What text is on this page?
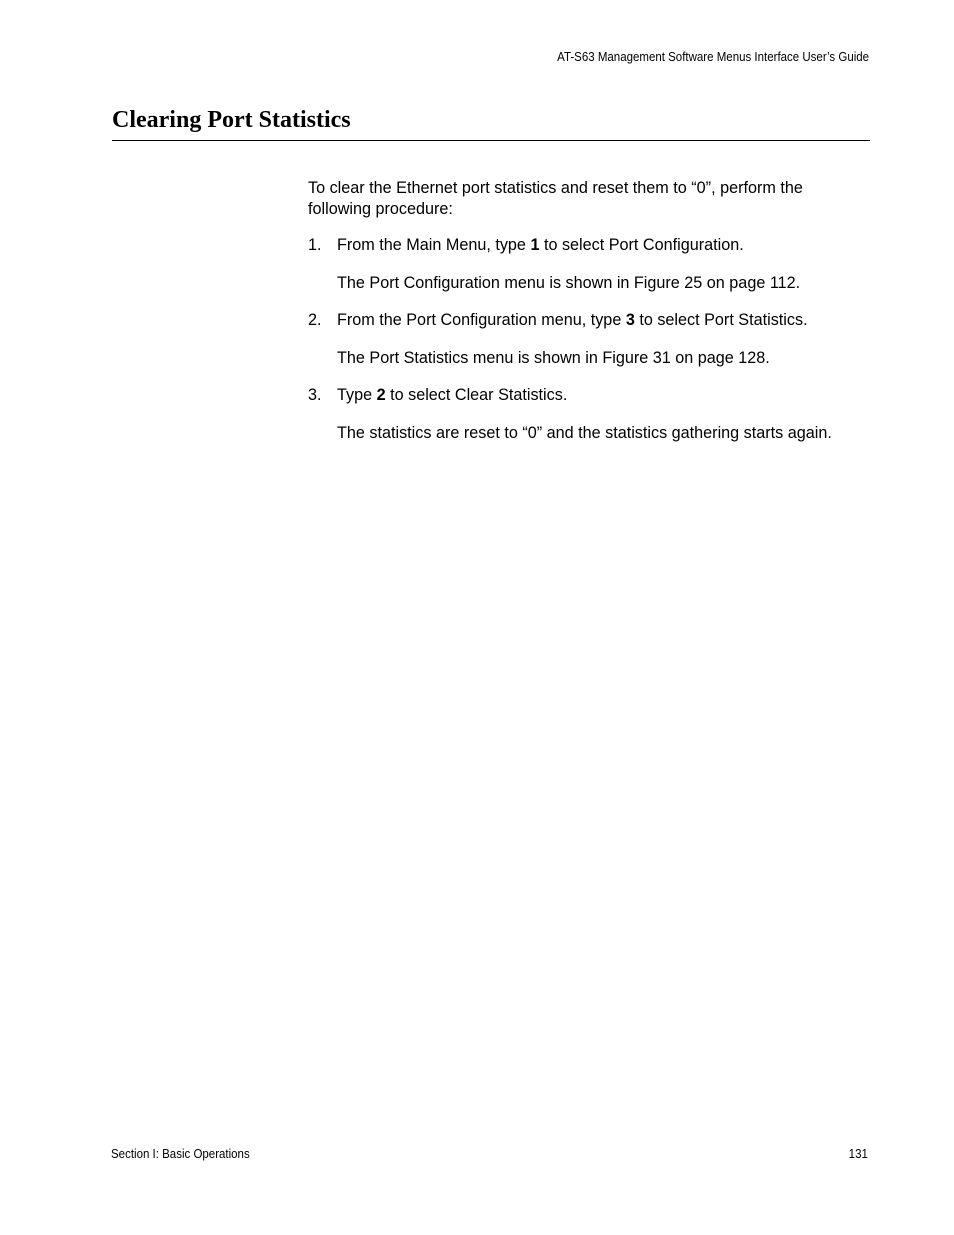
AT-S63 Management Software Menus Interface User’s Guide
Clearing Port Statistics

To clear the Ethernet port statistics and reset them to “0”, perform the following procedure:

1. From the Main Menu, type 1 to select Port Configuration.

The Port Configuration menu is shown in Figure 25 on page 112.

2. From the Port Configuration menu, type 3 to select Port Statistics.

The Port Statistics menu is shown in Figure 31 on page 128.

3. Type 2 to select Clear Statistics.

The statistics are reset to “0” and the statistics gathering starts again.

Section I: Basic Operations	131
